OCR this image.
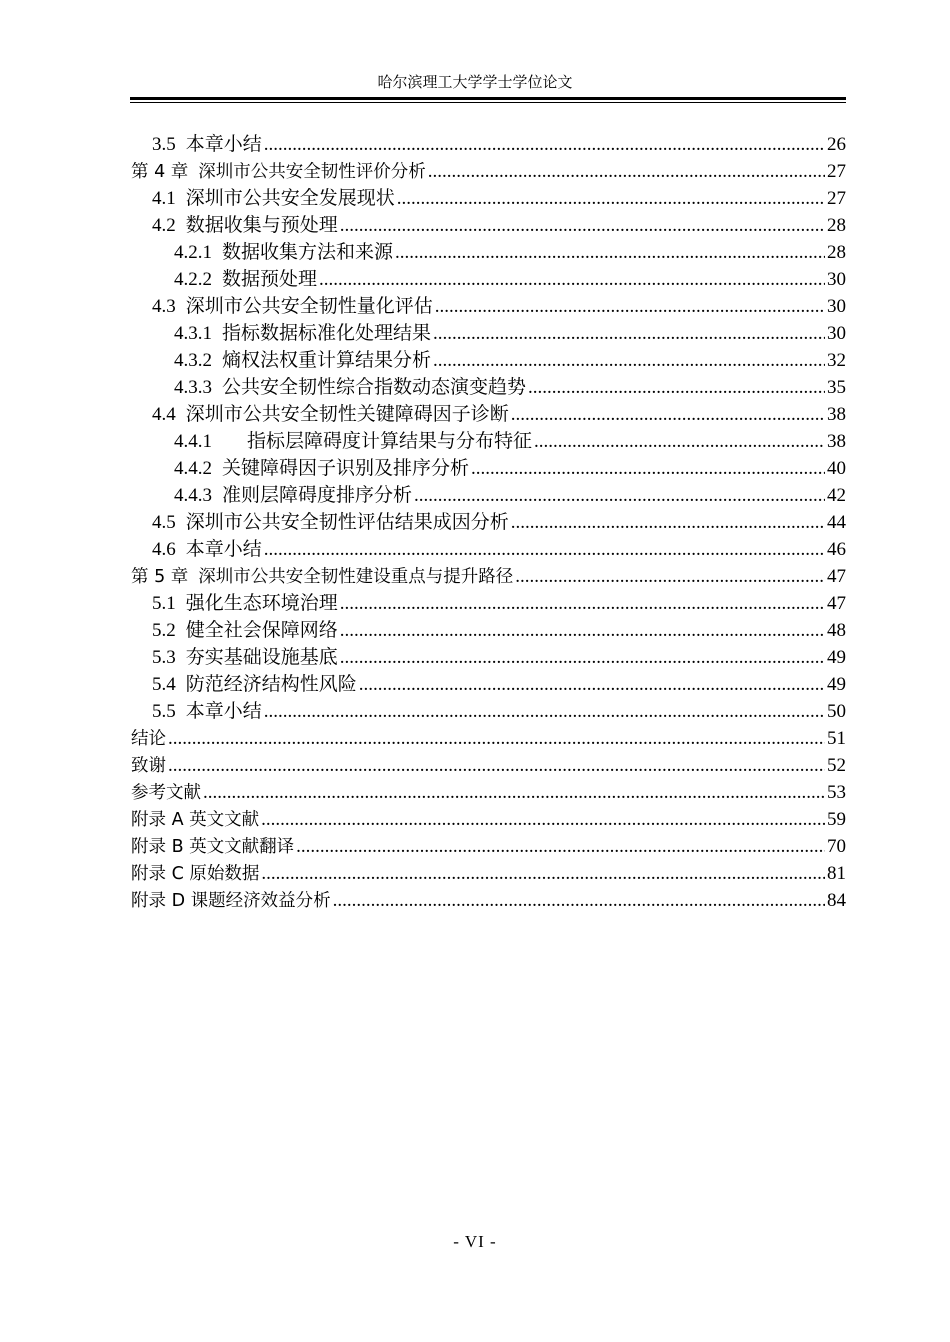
哈尔滨理工大学学士学位论文
3.5 本章小结 .....	26
第 4 章 深圳市公共安全韧性评价分析 .....	27
4.1 深圳市公共安全发展现状 .....	27
4.2 数据收集与预处理 .....	28
4.2.1 数据收集方法和来源 .....	28
4.2.2 数据预处理 .....	30
4.3 深圳市公共安全韧性量化评估 .....	30
4.3.1 指标数据标准化处理结果 .....	30
4.3.2 熵权法权重计算结果分析 .....	32
4.3.3 公共安全韧性综合指数动态演变趋势 .....	35
4.4 深圳市公共安全韧性关键障碍因子诊断 .....	38
4.4.1 指标层障碍度计算结果与分布特征 .....	38
4.4.2 关键障碍因子识别及排序分析 .....	40
4.4.3 准则层障碍度排序分析 .....	42
4.5 深圳市公共安全韧性评估结果成因分析 .....	44
4.6 本章小结 .....	46
第 5 章 深圳市公共安全韧性建设重点与提升路径 .....	47
5.1 强化生态环境治理 .....	47
5.2 健全社会保障网络 .....	48
5.3 夯实基础设施基底 .....	49
5.4 防范经济结构性风险 .....	49
5.5 本章小结 .....	50
结论 .....	51
致谢 .....	52
参考文献 .....	53
附录 A 英文文献 .....	59
附录 B 英文文献翻译 .....	70
附录 C 原始数据 .....	81
附录 D 课题经济效益分析 .....	84
- VI -
